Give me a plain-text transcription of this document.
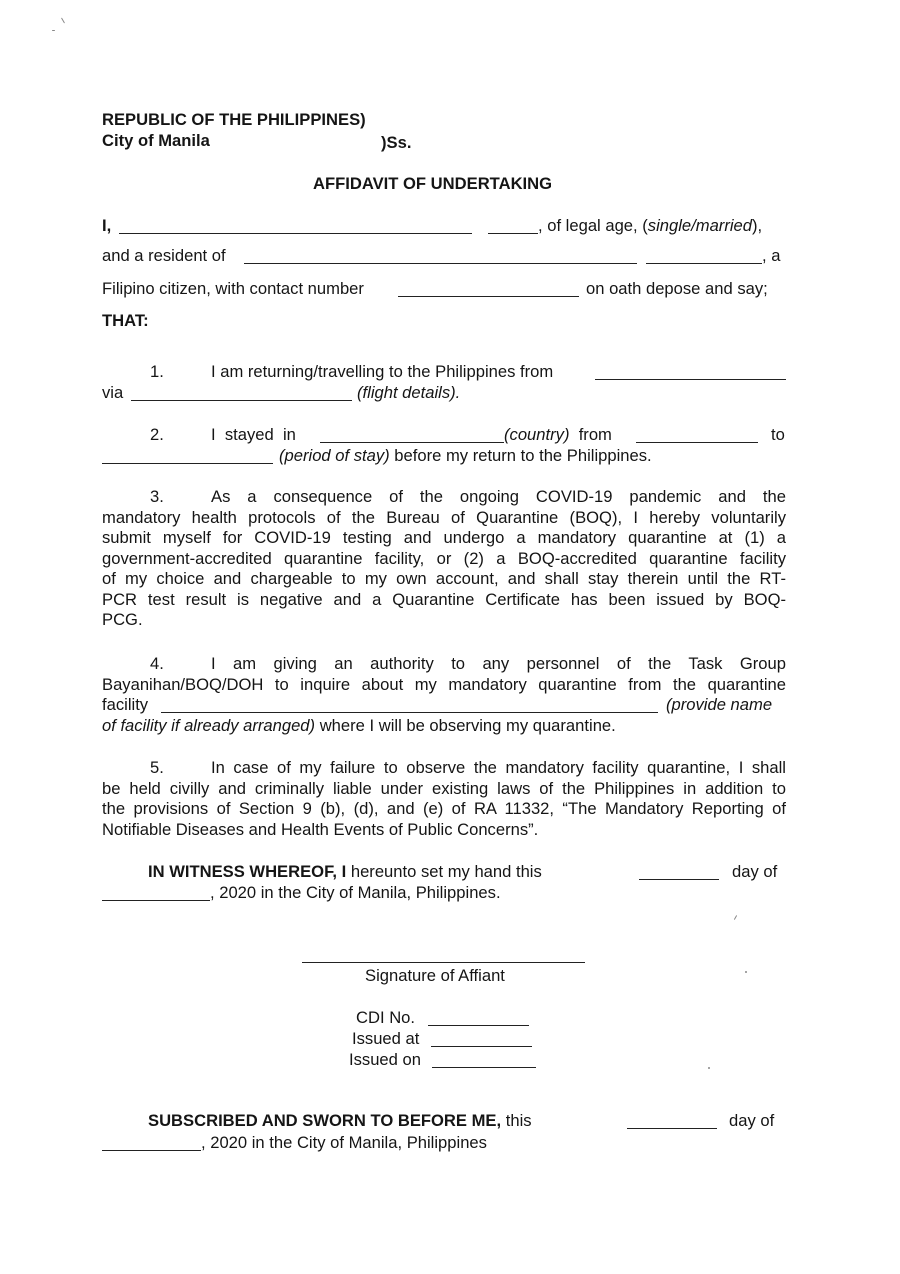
REPUBLIC OF THE PHILIPPINES)
City of Manila	)Ss.
AFFIDAVIT OF UNDERTAKING
I,	, of legal age, (single/married),
and a resident of	, a
Filipino citizen, with contact number	on oath depose and say;
THAT:
1.	I am returning/travelling to the Philippines from
via	(flight details).
2.	I  stayed  in	(country)  from	to
(period of stay) before my return to the Philippines.
3.	As a consequence of the ongoing COVID-19 pandemic and the
mandatory health protocols of the Bureau of Quarantine (BOQ), I hereby voluntarily
submit myself for COVID-19 testing and undergo a mandatory quarantine at (1) a
government-accredited quarantine facility, or (2) a BOQ-accredited quarantine facility
of my choice and chargeable to my own account, and shall stay therein until the RT-
PCR test result is negative and a Quarantine Certificate has been issued by BOQ-
PCG.
4.	I  am  giving  an  authority  to  any  personnel  of  the  Task  Group
Bayanihan/BOQ/DOH to inquire about my mandatory quarantine from the quarantine
facility	(provide name
of facility if already arranged) where I will be observing my quarantine.
5.	In case of my failure to observe the mandatory facility quarantine, I shall
be held civilly and criminally liable under existing laws of the Philippines in addition to
the provisions of Section 9 (b), (d), and (e) of RA 11332, “The Mandatory Reporting of
Notifiable Diseases and Health Events of Public Concerns”.
IN WITNESS WHEREOF, I hereunto set my hand this	day of
, 2020 in the City of Manila, Philippines.
Signature of Affiant
CDI No.
Issued at
Issued on
SUBSCRIBED AND SWORN TO BEFORE ME, this	day of
, 2020 in the City of Manila, Philippines
